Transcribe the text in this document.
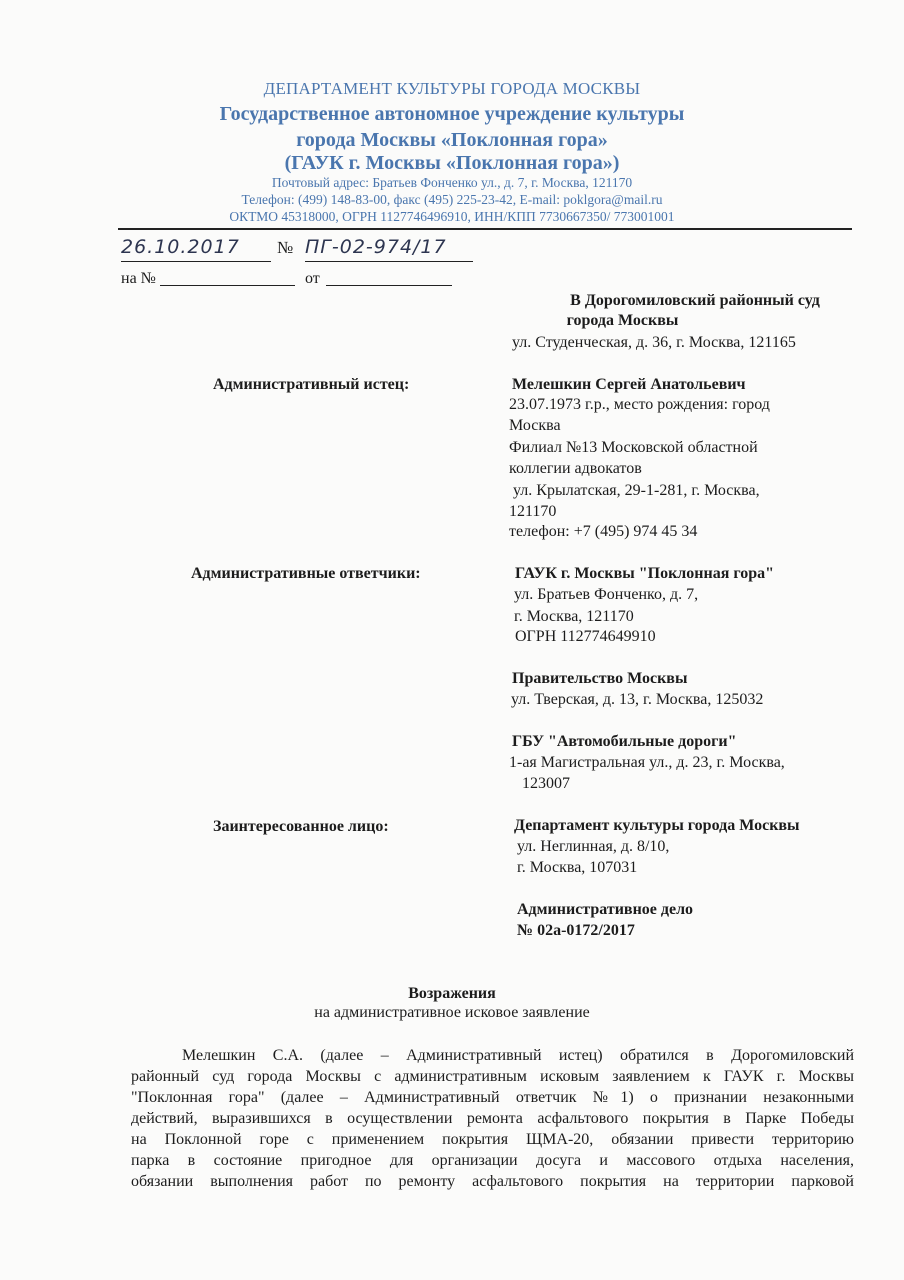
ДЕПАРТАМЕНТ КУЛЬТУРЫ ГОРОДА МОСКВЫ
Государственное автономное учреждение культуры
города Москвы «Поклонная гора»
(ГАУК г. Москвы «Поклонная гора»)
Почтовый адрес: Братьев Фонченко ул., д. 7, г. Москва, 121170
Телефон: (499) 148-83-00, факс (495) 225-23-42, E-mail: poklgora@mail.ru
ОКТМО 45318000, ОГРН 1127746496910, ИНН/КПП 7730667350/ 773001001
26.10.2017	№ ПГ-02-974/17
на №	от
В Дорогомиловский районный суд
города Москвы
ул. Студенческая, д. 36, г. Москва, 121165
Административный истец:	Мелешкин Сергей Анатольевич
23.07.1973 г.р., место рождения: город
Москва
Филиал №13 Московской областной
коллегии адвокатов
ул. Крылатская, 29-1-281, г. Москва,
121170
телефон: +7 (495) 974 45 34
Административные ответчики:	ГАУК г. Москвы "Поклонная гора"
ул. Братьев Фонченко, д. 7,
г. Москва, 121170
ОГРН 112774649910
Правительство Москвы
ул. Тверская, д. 13, г. Москва, 125032
ГБУ "Автомобильные дороги"
1-ая Магистральная ул., д. 23, г. Москва,
123007
Заинтересованное лицо:	Департамент культуры города Москвы
ул. Неглинная, д. 8/10,
г. Москва, 107031
Административное дело
№ 02а-0172/2017
Возражения
на административное исковое заявление
Мелешкин С.А. (далее – Административный истец) обратился в Дорогомиловский
районный суд города Москвы с административным исковым заявлением к ГАУК г. Москвы
"Поклонная гора" (далее – Административный ответчик №1) о признании незаконными
действий, выразившихся в осуществлении ремонта асфальтового покрытия в Парке Победы
на Поклонной горе с применением покрытия ЩМА-20, обязании привести территорию
парка в состояние пригодное для организации досуга и массового отдыха населения,
обязании выполнения работ по ремонту асфальтового покрытия на территории парковой
